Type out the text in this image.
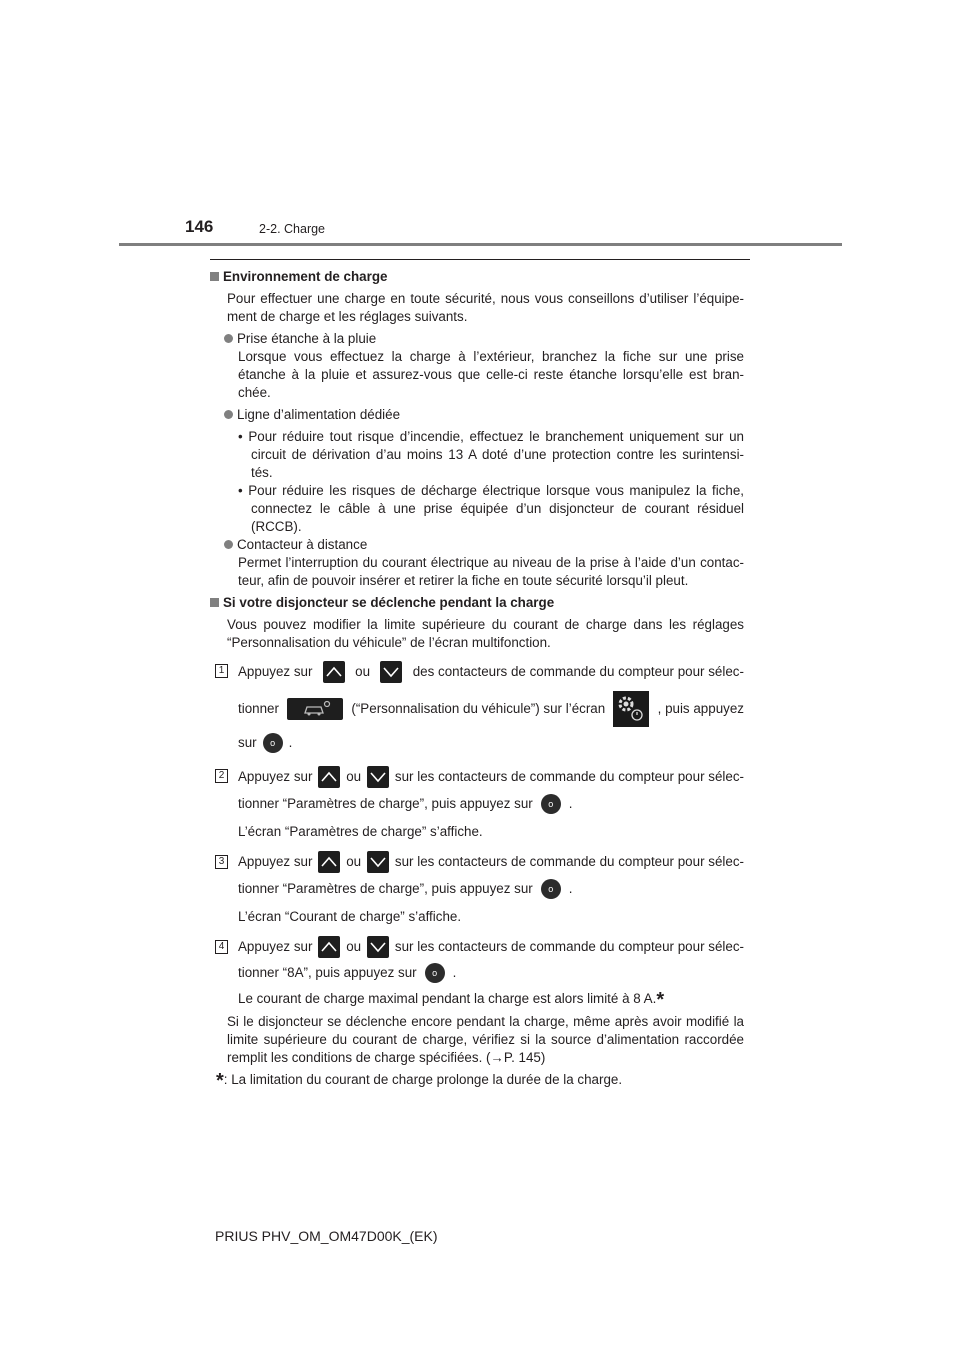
146	2-2. Charge
Environnement de charge
Pour effectuer une charge en toute sécurité, nous vous conseillons d’utiliser l’équipe-
ment de charge et les réglages suivants.
Prise étanche à la pluie
Lorsque vous effectuez la charge à l’extérieur, branchez la fiche sur une prise
étanche à la pluie et assurez-vous que celle-ci reste étanche lorsqu’elle est bran-
chée.
Ligne d’alimentation dédiée
• Pour réduire tout risque d’incendie, effectuez le branchement uniquement sur un
circuit de dérivation d’au moins 13 A doté d’une protection contre les surintensi-
tés.
• Pour réduire les risques de décharge électrique lorsque vous manipulez la fiche,
connectez le câble à une prise équipée d’un disjoncteur de courant résiduel
(RCCB).
Contacteur à distance
Permet l’interruption du courant électrique au niveau de la prise à l’aide d’un contac-
teur, afin de pouvoir insérer et retirer la fiche en toute sécurité lorsqu’il pleut.
Si votre disjoncteur se déclenche pendant la charge
Vous pouvez modifier la limite supérieure du courant de charge dans les réglages
“Personnalisation du véhicule” de l’écran multifonction.
1 Appuyez sur	ou	des contacteurs de commande du compteur pour sélec-
tionner	(“Personnalisation du véhicule”) sur l’écran	, puis appuyez
sur	o	.
2 Appuyez sur	ou	sur les contacteurs de commande du compteur pour sélec-
tionner “Paramètres de charge”, puis appuyez sur	o	.
L’écran “Paramètres de charge” s’affiche.
3 Appuyez sur	ou	sur les contacteurs de commande du compteur pour sélec-
tionner “Paramètres de charge”, puis appuyez sur	o	.
L’écran “Courant de charge” s’affiche.
4 Appuyez sur	ou	sur les contacteurs de commande du compteur pour sélec-
tionner “8A”, puis appuyez sur	o	.
Le courant de charge maximal pendant la charge est alors limité à 8 A.*
Si le disjoncteur se déclenche encore pendant la charge, même après avoir modifié la
limite supérieure du courant de charge, vérifiez si la source d’alimentation raccordée
remplit les conditions de charge spécifiées. (→P. 145)
*: La limitation du courant de charge prolonge la durée de la charge.
PRIUS PHV_OM_OM47D00K_(EK)
